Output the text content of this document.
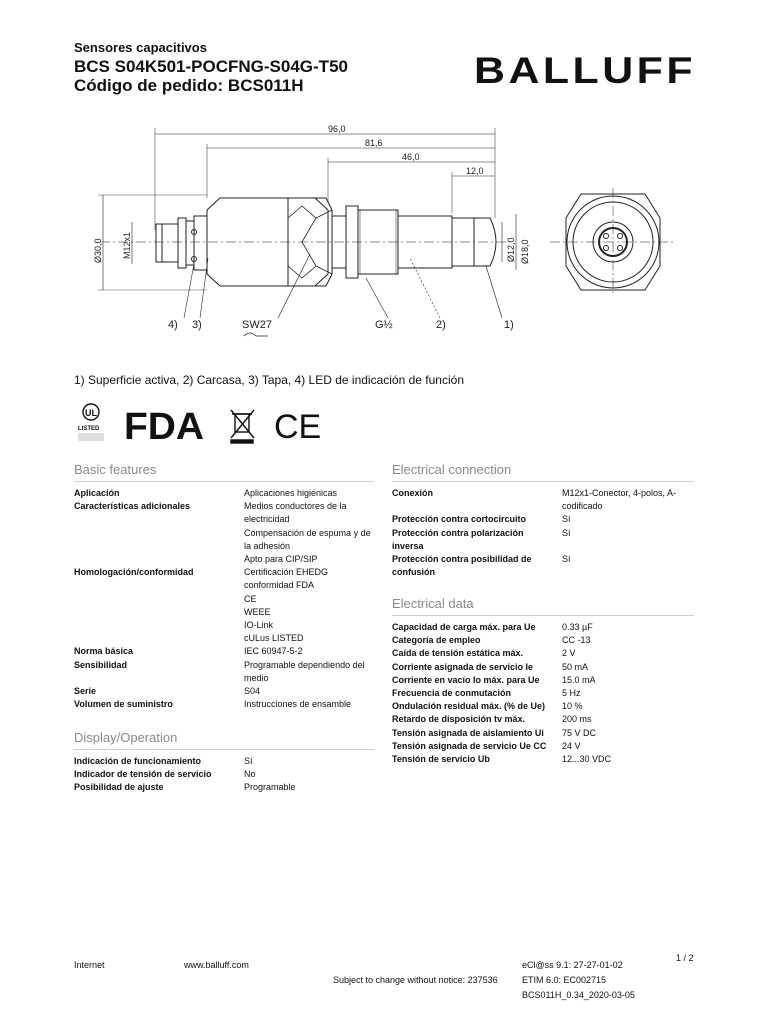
Sensores capacitivos
BCS S04K501-POCFNG-S04G-T50
Código de pedido: BCS011H	BALLUFF
96,0
81,6
46,0
12,0
Ø30,0 M12x1	Ø12,0 Ø18,0
4) 3)	SW27	G½	2)	1)
1) Superficie activa, 2) Carcasa, 3) Tapa, 4) LED de indicación de función
UL
LISTED FDA CE
Basic features
Aplicación	Aplicaciones higiénicas

Características adicionales	Medios conductores de la electricidad
Compensación de espuma y de la adhesión
Apto para CIP/SIP

Homologación/conformidad	Certificación EHEDG conformidad FDA
CE
WEEE
IO-Link
cULus LISTED

Norma básica	IEC 60947-5-2

Sensibilidad	Programable dependiendo del medio

Serie	S04

Volumen de suministro	Instrucciones de ensamble
Display/Operation
Indicación de funcionamiento	Sí

Indicador de tensión de servicio	No

Posibilidad de ajuste	Programable
Electrical connection
Conexión	M12x1-Conector, 4-polos, A-codificado

Protección contra cortocircuito	Sí

Protección contra polarización inversa	Sí

Protección contra posibilidad de confusión	Sí
Electrical data
Capacidad de carga máx. para Ue	0.33 µF

Categoría de empleo	CC -13

Caída de tensión estática máx.	2 V

Corriente asignada de servicio Ie	50 mA

Corriente en vacío Io máx. para Ue	15.0 mA

Frecuencia de conmutación	5 Hz

Ondulación residual máx. (% de Ue)	10 %

Retardo de disposición tv máx.	200 ms

Tensión asignada de aislamiento Ui	75 V DC

Tensión asignada de servicio Ue CC	24 V

Tensión de servicio Ub	12...30 VDC
1 / 2
Internet	www.balluff.com
Subject to change without notice: 237536
eCl@ss 9.1: 27-27-01-02
ETIM 6.0: EC002715
BCS011H_0.34_2020-03-05
